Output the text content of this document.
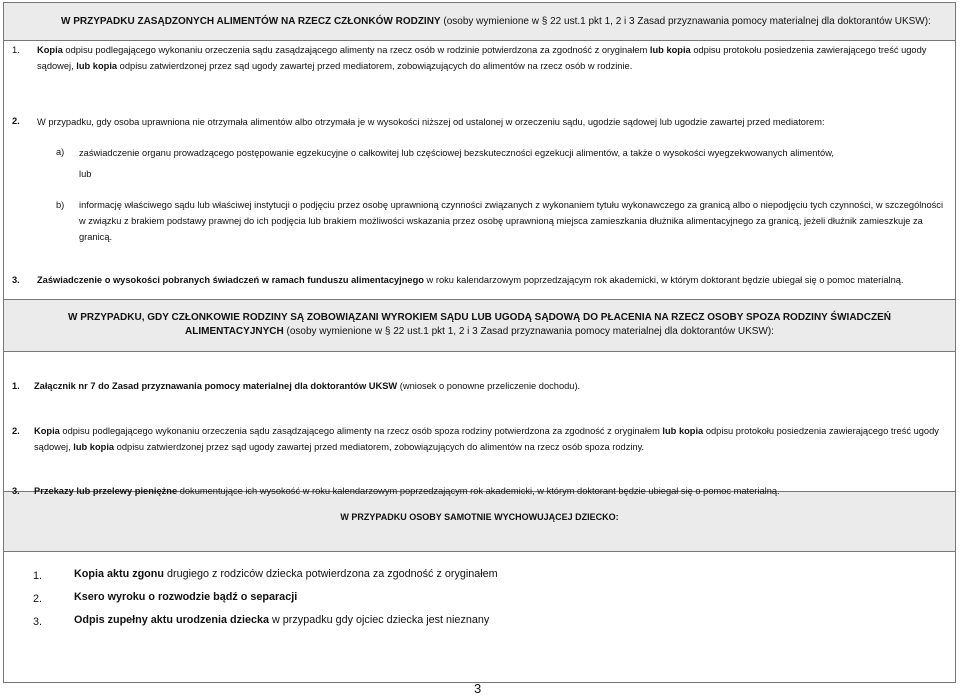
W PRZYPADKU ZASĄDZONYCH ALIMENTÓW NA RZECZ CZŁONKÓW RODZINY (osoby wymienione w § 22 ust.1 pkt 1, 2 i 3 Zasad przyznawania pomocy materialnej dla doktorantów UKSW):

W PRZYPADKU, GDY CZŁONKOWIE RODZINY SĄ ZOBOWIĄZANI WYROKIEM SĄDU LUB UGODĄ SĄDOWĄ DO PŁACENIA NA RZECZ OSOBY SPOZA RODZINY ŚWIADCZEŃ ALIMENTACYJNYCH (osoby wymienione w § 22 ust.1 pkt 1, 2 i 3 Zasad przyznawania pomocy materialnej dla doktorantów UKSW):

W PRZYPADKU OSOBY SAMOTNIE WYCHOWUJĄCEJ DZIECKO:

1. Kopia odpisu podlegającego wykonaniu orzeczenia sądu zasądzającego alimenty na rzecz osób w rodzinie potwierdzona za zgodność z oryginałem lub kopia odpisu protokołu posiedzenia zawierającego treść ugody sądowej, lub kopia odpisu zatwierdzonej przez sąd ugody zawartej przed mediatorem, zobowiązujących do alimentów na rzecz osób w rodzinie.
2. W przypadku, gdy osoba uprawniona nie otrzymała alimentów albo otrzymała je w wysokości niższej od ustalonej w orzeczeniu sądu, ugodzie sądowej lub ugodzie zawartej przed mediatorem:
a) zaświadczenie organu prowadzącego postępowanie egzekucyjne o całkowitej lub częściowej bezskuteczności egzekucji alimentów, a także o wysokości wyegzekwowanych alimentów,
lub
b) informację właściwego sądu lub właściwej instytucji o podjęciu przez osobę uprawnioną czynności związanych z wykonaniem tytułu wykonawczego za granicą albo o niepodjęciu tych czynności, w szczególności w związku z brakiem podstawy prawnej do ich podjęcia lub brakiem możliwości wskazania przez osobę uprawnioną miejsca zamieszkania dłużnika alimentacyjnego za granicą, jeżeli dłużnik zamieszkuje za granicą.
3. Zaświadczenie o wysokości pobranych świadczeń w ramach funduszu alimentacyjnego w roku kalendarzowym poprzedzającym rok akademicki, w którym doktorant będzie ubiegał się o pomoc materialną.
1. Załącznik nr 7 do Zasad przyznawania pomocy materialnej dla doktorantów UKSW (wniosek o ponowne przeliczenie dochodu).
2. Kopia odpisu podlegającego wykonaniu orzeczenia sądu zasądzającego alimenty na rzecz osób spoza rodziny potwierdzona za zgodność z oryginałem lub kopia odpisu protokołu posiedzenia zawierającego treść ugody sądowej, lub kopia odpisu zatwierdzonej przez sąd ugody zawartej przed mediatorem, zobowiązujących do alimentów na rzecz osób spoza rodziny.
3. Przekazy lub przelewy pieniężne dokumentujące ich wysokość w roku kalendarzowym poprzedzającym rok akademicki, w którym doktorant będzie ubiegał się o pomoc materialną.
1.	Kopia aktu zgonu drugiego z rodziców dziecka potwierdzona za zgodność z oryginałem
2.	Ksero wyroku o rozwodzie bądź o separacji
3.	Odpis zupełny aktu urodzenia dziecka w przypadku gdy ojciec dziecka jest nieznany
3
